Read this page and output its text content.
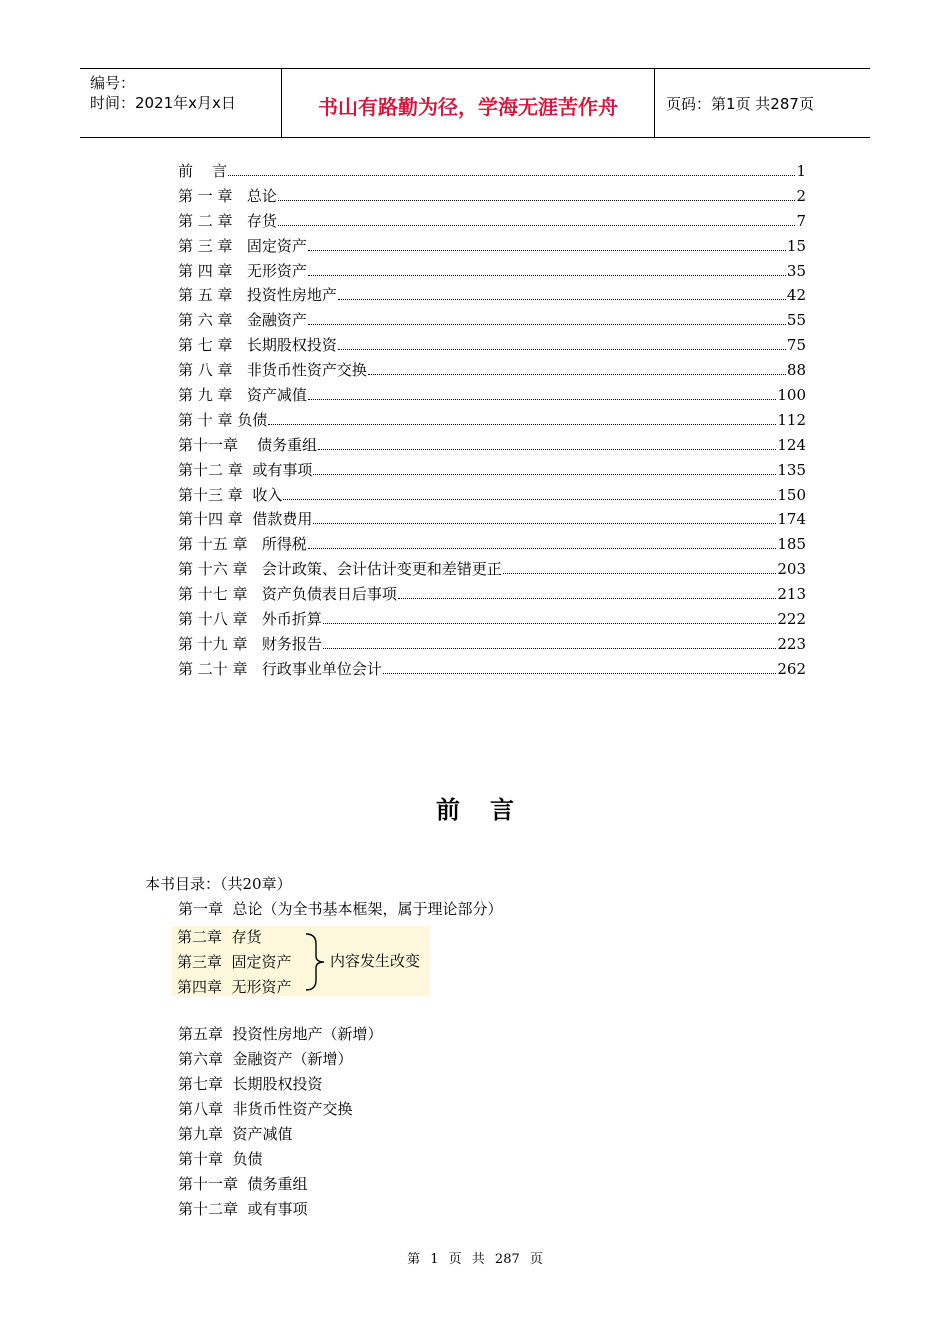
编号：
时间：2021年x月x日	书山有路勤为径，学海无涯苦作舟	页码：第1页 共287页
前    言	1
第 一 章 总论	2
第 二 章 存货	7
第 三 章 固定资产	15
第 四 章 无形资产	35
第 五 章 投资性房地产	42
第 六 章 金融资产	55
第 七 章 长期股权投资	75
第 八 章 非货币性资产交换	88
第 九 章 资产减值	100
第 十 章 负债	112
第十一章 债务重组	124
第十二 章 或有事项	135
第十三 章 收入	150
第十四 章 借款费用	174
第 十五 章 所得税	185
第 十六 章 会计政策、会计估计变更和差错更正	203
第 十七 章 资产负债表日后事项	213
第 十八 章 外币折算	222
第 十九 章 财务报告	223
第 二十 章 行政事业单位会计	262
前言
本书目录：（共20章）
第一章  总论（为全书基本框架，属于理论部分）
第二章  存货
第三章  固定资产
第四章  无形资产
内容发生改变
第五章  投资性房地产（新增）
第六章  金融资产（新增）
第七章  长期股权投资
第八章  非货币性资产交换
第九章  资产减值
第十章  负债
第十一章  债务重组
第十二章  或有事项
第 1 页 共 287 页
